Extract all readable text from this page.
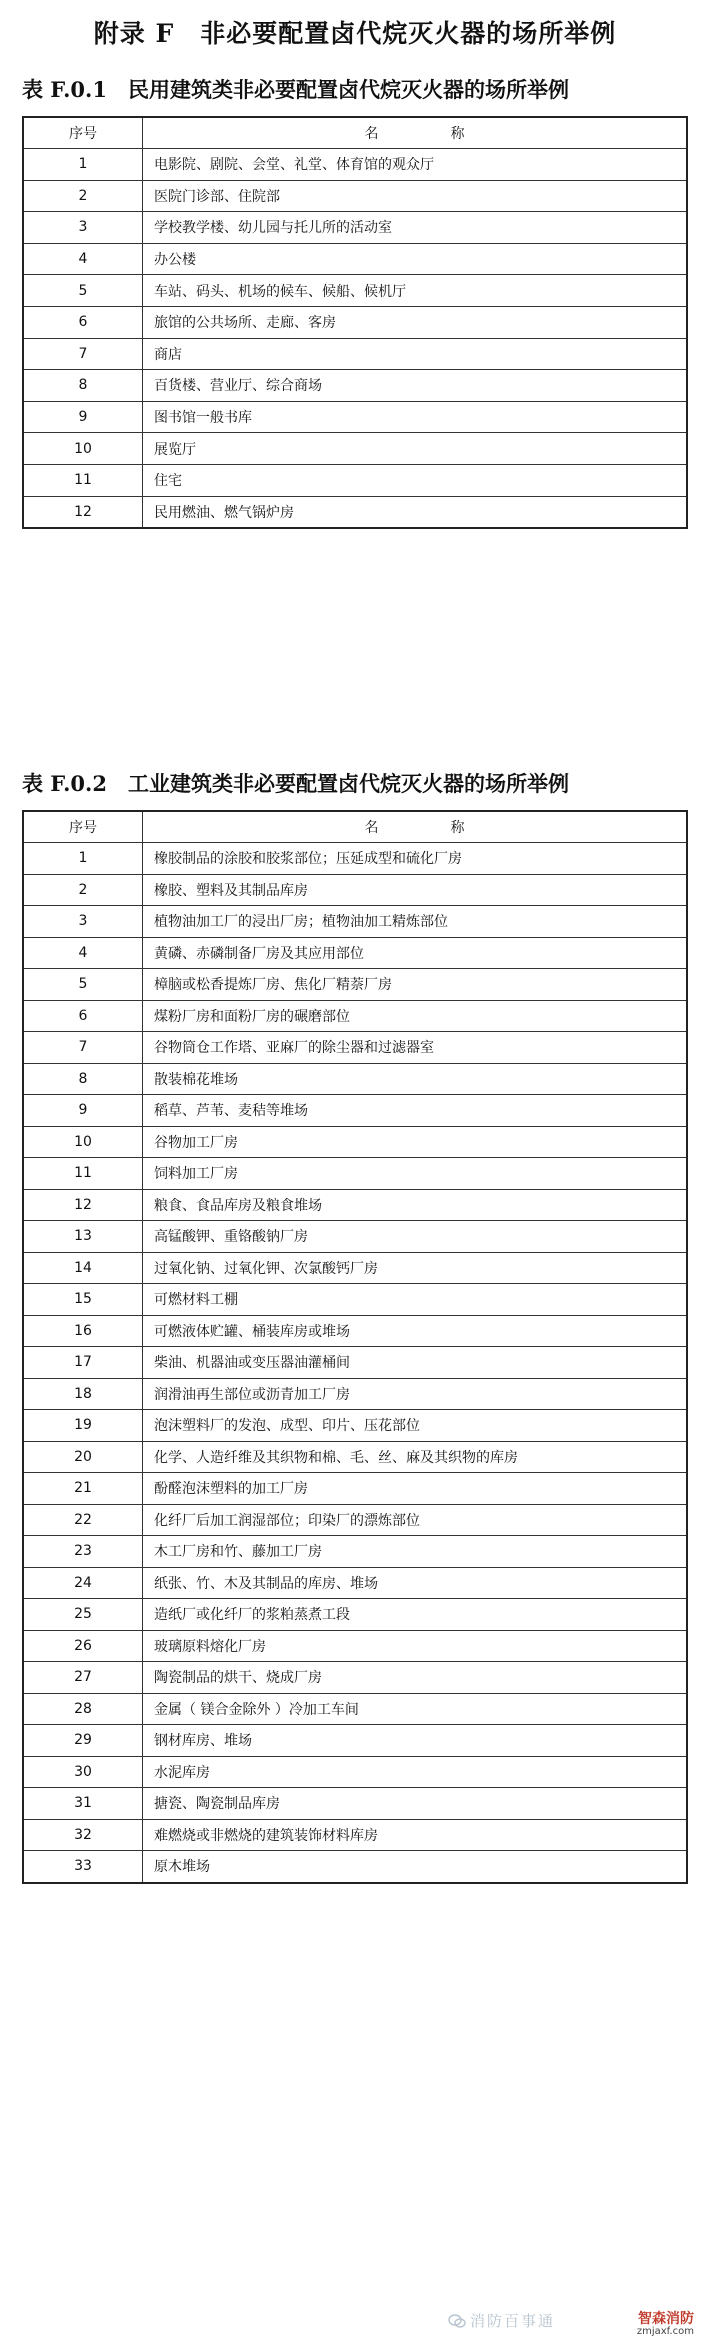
附录 F　非必要配置卤代烷灭火器的场所举例
表 F.0.1　民用建筑类非必要配置卤代烷灭火器的场所举例
序号	名 称
1	电影院、剧院、会堂、礼堂、体育馆的观众厅
2	医院门诊部、住院部
3	学校教学楼、幼儿园与托儿所的活动室
4	办公楼
5	车站、码头、机场的候车、候船、候机厅
6	旅馆的公共场所、走廊、客房
7	商店
8	百货楼、营业厅、综合商场
9	图书馆一般书库
10	展览厅
11	住宅
12	民用燃油、燃气锅炉房
表 F.0.2　工业建筑类非必要配置卤代烷灭火器的场所举例
序号	名 称
1	橡胶制品的涂胶和胶浆部位；压延成型和硫化厂房
2	橡胶、塑料及其制品库房
3	植物油加工厂的浸出厂房；植物油加工精炼部位
4	黄磷、赤磷制备厂房及其应用部位
5	樟脑或松香提炼厂房、焦化厂精萘厂房
6	煤粉厂房和面粉厂房的碾磨部位
7	谷物筒仓工作塔、亚麻厂的除尘器和过滤器室
8	散装棉花堆场
9	稻草、芦苇、麦秸等堆场
10	谷物加工厂房
11	饲料加工厂房
12	粮食、食品库房及粮食堆场
13	高锰酸钾、重铬酸钠厂房
14	过氧化钠、过氧化钾、次氯酸钙厂房
15	可燃材料工棚
16	可燃液体贮罐、桶装库房或堆场
17	柴油、机器油或变压器油灌桶间
18	润滑油再生部位或沥青加工厂房
19	泡沫塑料厂的发泡、成型、印片、压花部位
20	化学、人造纤维及其织物和棉、毛、丝、麻及其织物的库房
21	酚醛泡沫塑料的加工厂房
22	化纤厂后加工润湿部位；印染厂的漂炼部位
23	木工厂房和竹、藤加工厂房
24	纸张、竹、木及其制品的库房、堆场
25	造纸厂或化纤厂的浆粕蒸煮工段
26	玻璃原料熔化厂房
27	陶瓷制品的烘干、烧成厂房
28	金属（ 镁合金除外 ）冷加工车间
29	钢材库房、堆场
30	水泥库房
31	搪瓷、陶瓷制品库房
32	难燃烧或非燃烧的建筑装饰材料库房
33	原木堆场
消防百事通	智森消防
zmjaxf.com
